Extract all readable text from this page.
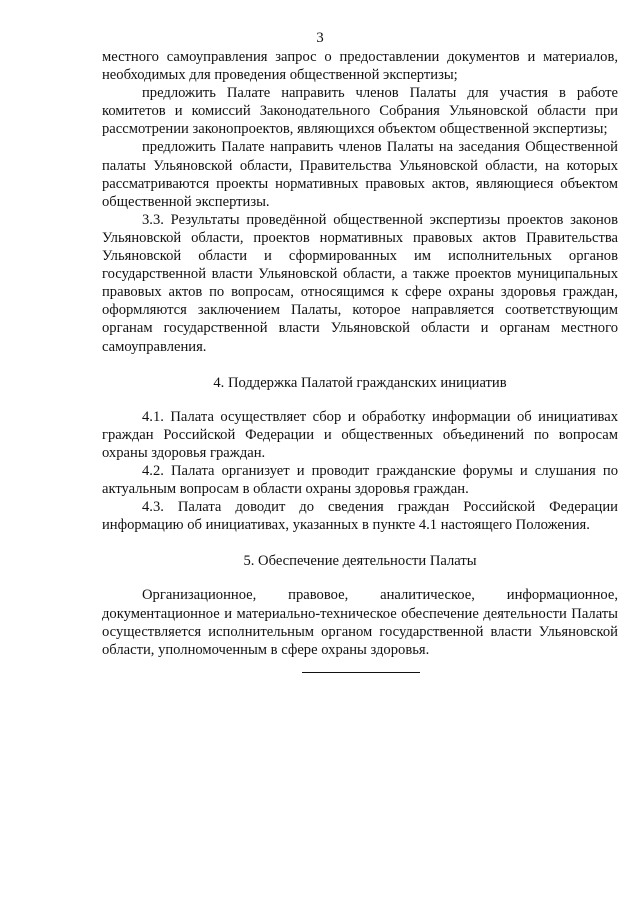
3

местного самоуправления запрос о предоставлении документов и материалов, необходимых для проведения общественной экспертизы;

предложить Палате направить членов Палаты для участия в работе комитетов и комиссий Законодательного Собрания Ульяновской области при рассмотрении законопроектов, являющихся объектом общественной экспертизы;

предложить Палате направить членов Палаты на заседания Общественной палаты Ульяновской области, Правительства Ульяновской области, на которых рассматриваются проекты нормативных правовых актов, являющиеся объектом общественной экспертизы.

3.3. Результаты проведённой общественной экспертизы проектов законов Ульяновской области, проектов нормативных правовых актов Правительства Ульяновской области и сформированных им исполнительных органов государственной власти Ульяновской области, а также проектов муниципальных правовых актов по вопросам, относящимся к сфере охраны здоровья граждан, оформляются заключением Палаты, которое направляется соответствующим органам государственной власти Ульяновской области и органам местного самоуправления.

4. Поддержка Палатой гражданских инициатив

4.1. Палата осуществляет сбор и обработку информации об инициативах граждан Российской Федерации и общественных объединений по вопросам охраны здоровья граждан.

4.2. Палата организует и проводит гражданские форумы и слушания по актуальным вопросам в области охраны здоровья граждан.

4.3. Палата доводит до сведения граждан Российской Федерации информацию об инициативах, указанных в пункте 4.1 настоящего Положения.

5. Обеспечение деятельности Палаты

Организационное, правовое, аналитическое, информационное, документационное и материально-техническое обеспечение деятельности Палаты осуществляется исполнительным органом государственной власти Ульяновской области, уполномоченным в сфере охраны здоровья.
